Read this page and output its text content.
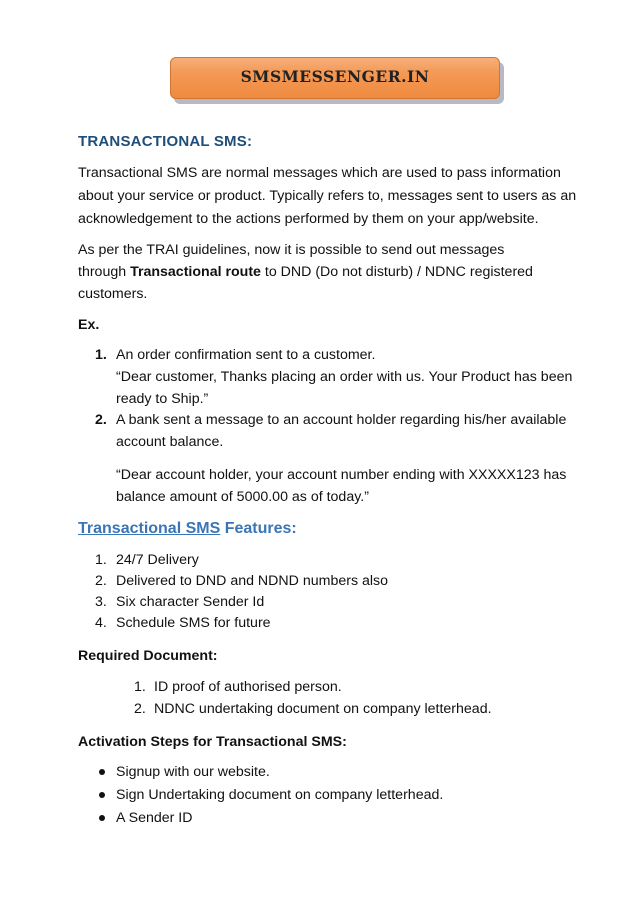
SMSMESSENGER.IN
TRANSACTIONAL SMS:
Transactional SMS are normal messages which are used to pass information
about your service or product. Typically refers to, messages sent to users as an
acknowledgement to the actions performed by them on your app/website.
As per the TRAI guidelines, now it is possible to send out messages
through Transactional route to DND (Do not disturb) / NDNC registered
customers.
Ex.
1. An order confirmation sent to a customer.
“Dear customer, Thanks placing an order with us. Your Product has been
ready to Ship.”
2. A bank sent a message to an account holder regarding his/her available
account balance.
“Dear account holder, your account number ending with XXXXX123 has
balance amount of 5000.00 as of today.”
Transactional SMS Features:
1. 24/7 Delivery
2. Delivered to DND and NDND numbers also
3. Six character Sender Id
4. Schedule SMS for future
Required Document:
1. ID proof of authorised person.
2. NDNC undertaking document on company letterhead.
Activation Steps for Transactional SMS:
Signup with our website.
Sign Undertaking document on company letterhead.
A Sender ID
